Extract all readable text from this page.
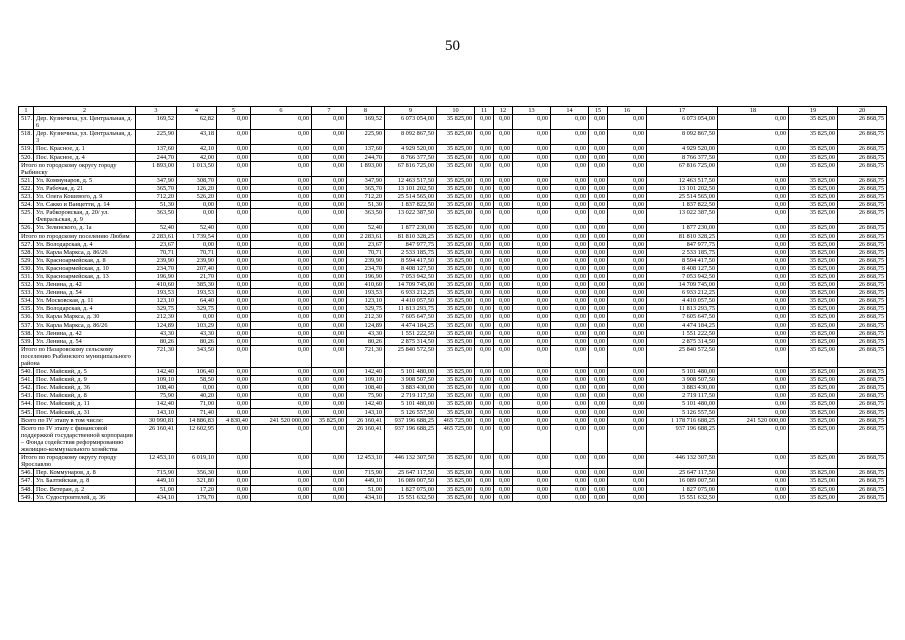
50
1	2	3	4	5	6	7	8	9	10	11	12	13	14	15	16	17	18	19	20
517.	Дер. Кузнечиха, ул. Центральная, д. 6	169,52	62,82	0,00	0,00	0,00	169,52	6 073 054,00	35 825,00	0,00	0,00	0,00	0,00	0,00	0,00	6 073 054,00	0,00	35 825,00	26 868,75
518.	Дер. Кузнечиха, ул. Центральная, д. 3	225,90	43,18	0,00	0,00	0,00	225,90	8 092 867,50	35 825,00	0,00	0,00	0,00	0,00	0,00	0,00	8 092 867,50	0,00	35 825,00	26 868,75
519.	Пос. Красное, д. 1	137,60	42,10	0,00	0,00	0,00	137,60	4 929 520,00	35 825,00	0,00	0,00	0,00	0,00	0,00	0,00	4 929 520,00	0,00	35 825,00	26 868,75
520.	Пос. Красное, д. 4	244,70	42,00	0,00	0,00	0,00	244,70	8 766 377,50	35 825,00	0,00	0,00	0,00	0,00	0,00	0,00	8 766 377,50	0,00	35 825,00	26 868,75
Итого по городскому округу городу Рыбинску		1 893,00	1 013,50	0,00	0,00	0,00	1 893,00	67 816 725,00	35 825,00	0,00	0,00	0,00	0,00	0,00	0,00	67 816 725,00	0,00	35 825,00	26 868,75
521.	Ул. Коммунаров, д. 5	347,90	308,70	0,00	0,00	0,00	347,90	12 463 517,50	35 825,00	0,00	0,00	0,00	0,00	0,00	0,00	12 463 517,50	0,00	35 825,00	26 868,75
522.	Ул. Рабочая, д. 21	365,70	126,20	0,00	0,00	0,00	365,70	13 101 202,50	35 825,00	0,00	0,00	0,00	0,00	0,00	0,00	13 101 202,50	0,00	35 825,00	26 868,75
523.	Ул. Олега Кошевого, д. 9	712,20	526,20	0,00	0,00	0,00	712,20	25 514 565,00	35 825,00	0,00	0,00	0,00	0,00	0,00	0,00	25 514 565,00	0,00	35 825,00	26 868,75
524.	Ул. Сакко и Ванцетти, д. 14	51,30	0,00	0,00	0,00	0,00	51,30	1 837 822,50	35 825,00	0,00	0,00	0,00	0,00	0,00	0,00	1 837 822,50	0,00	35 825,00	26 868,75
525.	Ул. Рабкоровская, д. 20/ ул. Февральская, д. 9	363,50	0,00	0,00	0,00	0,00	363,50	13 022 387,50	35 825,00	0,00	0,00	0,00	0,00	0,00	0,00	13 022 387,50	0,00	35 825,00	26 868,75
526.	Ул. Зелинского, д. 1а	52,40	52,40	0,00	0,00	0,00	52,40	1 877 230,00	35 825,00	0,00	0,00	0,00	0,00	0,00	0,00	1 877 230,00	0,00	35 825,00	26 868,75
Итого по городскому поселению Любим		2 283,61	1 739,54	0,00	0,00	0,00	2 283,61	81 810 328,25	35 825,00	0,00	0,00	0,00	0,00	0,00	0,00	81 810 328,25	0,00	35 825,00	26 868,75
527.	Ул. Володарская, д. 4	23,67	0,00	0,00	0,00	0,00	23,67	847 977,75	35 825,00	0,00	0,00	0,00	0,00	0,00	0,00	847 977,75	0,00	35 825,00	26 868,75
528.	Ул. Карла Маркса, д. 86/26	70,71	70,71	0,00	0,00	0,00	70,71	2 533 185,75	35 825,00	0,00	0,00	0,00	0,00	0,00	0,00	2 533 185,75	0,00	35 825,00	26 868,75
529.	Ул. Красноармейская, д. 8	239,90	239,90	0,00	0,00	0,00	239,90	8 594 417,50	35 825,00	0,00	0,00	0,00	0,00	0,00	0,00	8 594 417,50	0,00	35 825,00	26 868,75
530.	Ул. Красноармейская, д. 10	234,70	207,40	0,00	0,00	0,00	234,70	8 408 127,50	35 825,00	0,00	0,00	0,00	0,00	0,00	0,00	8 408 127,50	0,00	35 825,00	26 868,75
531.	Ул. Красноармейская, д. 13	196,90	21,70	0,00	0,00	0,00	196,90	7 053 942,50	35 825,00	0,00	0,00	0,00	0,00	0,00	0,00	7 053 942,50	0,00	35 825,00	26 868,75
532.	Ул. Ленина, д. 42	410,60	385,30	0,00	0,00	0,00	410,60	14 709 745,00	35 825,00	0,00	0,00	0,00	0,00	0,00	0,00	14 709 745,00	0,00	35 825,00	26 868,75
533.	Ул. Ленина, д. 54	193,53	193,53	0,00	0,00	0,00	193,53	6 933 212,25	35 825,00	0,00	0,00	0,00	0,00	0,00	0,00	6 933 212,25	0,00	35 825,00	26 868,75
534.	Ул. Московская, д. 11	123,10	64,40	0,00	0,00	0,00	123,10	4 410 057,50	35 825,00	0,00	0,00	0,00	0,00	0,00	0,00	4 410 057,50	0,00	35 825,00	26 868,75
535.	Ул. Володарская, д. 4	329,75	329,75	0,00	0,00	0,00	329,75	11 813 293,75	35 825,00	0,00	0,00	0,00	0,00	0,00	0,00	11 813 293,75	0,00	35 825,00	26 868,75
536.	Ул. Карла Маркса, д. 30	212,30	0,00	0,00	0,00	0,00	212,30	7 605 647,50	35 825,00	0,00	0,00	0,00	0,00	0,00	0,00	7 605 647,50	0,00	35 825,00	26 868,75
537.	Ул. Карла Маркса, д. 86/26	124,89	103,29	0,00	0,00	0,00	124,89	4 474 184,25	35 825,00	0,00	0,00	0,00	0,00	0,00	0,00	4 474 184,25	0,00	35 825,00	26 868,75
538.	Ул. Ленина, д. 42	43,30	43,30	0,00	0,00	0,00	43,30	1 551 222,50	35 825,00	0,00	0,00	0,00	0,00	0,00	0,00	1 551 222,50	0,00	35 825,00	26 868,75
539.	Ул. Ленина, д. 54	80,26	80,26	0,00	0,00	0,00	80,26	2 875 314,50	35 825,00	0,00	0,00	0,00	0,00	0,00	0,00	2 875 314,50	0,00	35 825,00	26 868,75
Итого по Назаровскому сельскому поселению Рыбинского муниципального района		721,30	343,50	0,00	0,00	0,00	721,30	25 840 572,50	35 825,00	0,00	0,00	0,00	0,00	0,00	0,00	25 840 572,50	0,00	35 825,00	26 868,75
540.	Пос. Майский, д. 5	142,40	106,40	0,00	0,00	0,00	142,40	5 101 480,00	35 825,00	0,00	0,00	0,00	0,00	0,00	0,00	5 101 480,00	0,00	35 825,00	26 868,75
541.	Пос. Майский, д. 9	109,10	58,50	0,00	0,00	0,00	109,10	3 908 507,50	35 825,00	0,00	0,00	0,00	0,00	0,00	0,00	3 908 507,50	0,00	35 825,00	26 868,75
542.	Пос. Майский, д. 36	108,40	0,00	0,00	0,00	0,00	108,40	3 883 430,00	35 825,00	0,00	0,00	0,00	0,00	0,00	0,00	3 883 430,00	0,00	35 825,00	26 868,75
543.	Пос. Майский, д. 8	75,90	40,20	0,00	0,00	0,00	75,90	2 719 117,50	35 825,00	0,00	0,00	0,00	0,00	0,00	0,00	2 719 117,50	0,00	35 825,00	26 868,75
544.	Пос. Майский, д. 11	142,40	71,00	0,00	0,00	0,00	142,40	5 101 480,00	35 825,00	0,00	0,00	0,00	0,00	0,00	0,00	5 101 480,00	0,00	35 825,00	26 868,75
545.	Пос. Майский, д. 31	143,10	71,40	0,00	0,00	0,00	143,10	5 126 557,50	35 825,00	0,00	0,00	0,00	0,00	0,00	0,00	5 126 557,50	0,00	35 825,00	26 868,75
Всего по IV этапу в том числе:		30 990,81	14 886,83	4 830,40	241 520 000,00	35 825,00	26 160,41	937 196 688,25	465 725,00	0,00	0,00	0,00	0,00	0,00	0,00	1 178 716 688,25	241 520 000,00	35 825,00	26 868,75
Всего по IV этапу с финансовой поддержкой государственной корпорации – Фонда содействия реформированию жилищно-коммунального хозяйства		26 160,41	12 602,95	0,00	0,00	0,00	26 160,41	937 196 688,25	465 725,00	0,00	0,00	0,00	0,00	0,00	0,00	937 196 688,25	0,00	35 825,00	26 868,75
Итого по городскому округу городу Ярославлю		12 453,10	6 019,10	0,00	0,00	0,00	12 453,10	446 132 307,50	35 825,00	0,00	0,00	0,00	0,00	0,00	0,00	446 132 307,50	0,00	35 825,00	26 868,75
546.	Пер. Коммунаров, д. 8	715,90	356,30	0,00	0,00	0,00	715,90	25 647 117,50	35 825,00	0,00	0,00	0,00	0,00	0,00	0,00	25 647 117,50	0,00	35 825,00	26 868,75
547.	Ул. Балтийская, д. 8	449,10	321,80	0,00	0,00	0,00	449,10	16 089 007,50	35 825,00	0,00	0,00	0,00	0,00	0,00	0,00	16 089 007,50	0,00	35 825,00	26 868,75
548.	Пос. Ветеран, д. 2	51,00	17,20	0,00	0,00	0,00	51,00	1 827 075,00	35 825,00	0,00	0,00	0,00	0,00	0,00	0,00	1 827 075,00	0,00	35 825,00	26 868,75
549.	Ул. Судостроителей, д. 36	434,10	179,70	0,00	0,00	0,00	434,10	15 551 632,50	35 825,00	0,00	0,00	0,00	0,00	0,00	0,00	15 551 632,50	0,00	35 825,00	26 868,75
